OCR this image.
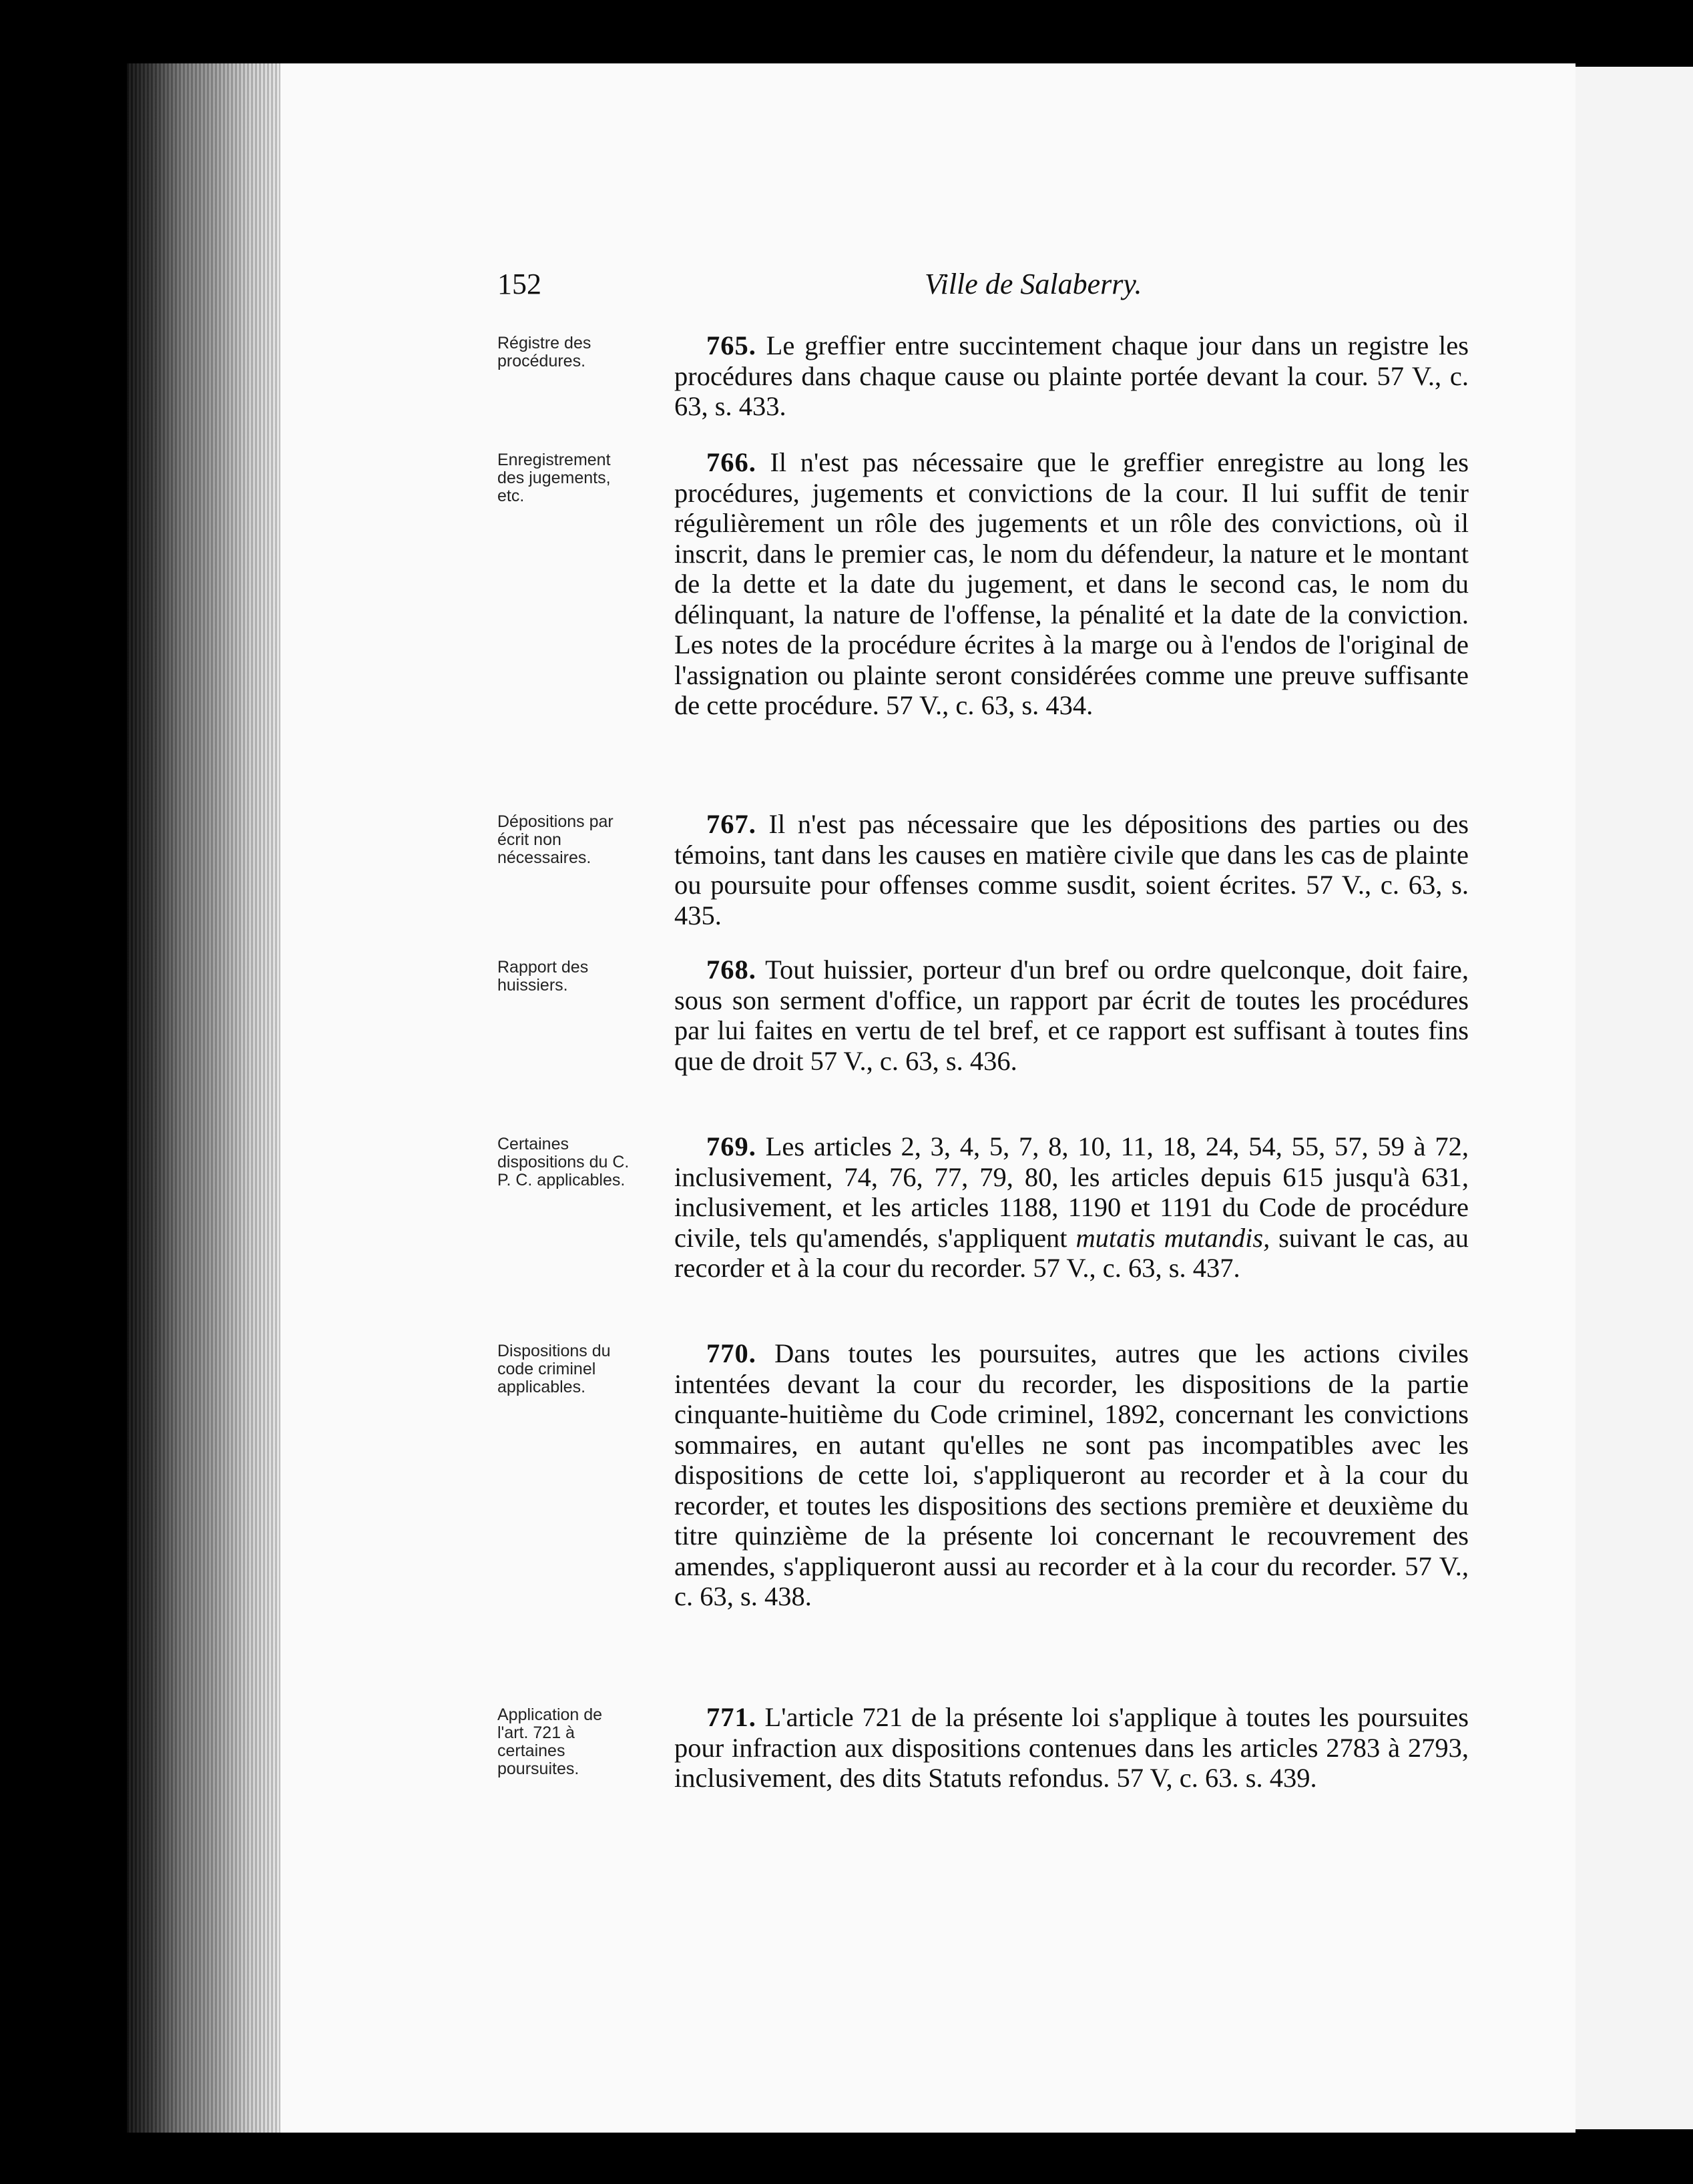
152	Ville de Salaberry.
Régistre des procédures.

765. Le greffier entre succintement chaque jour dans un registre les procédures dans chaque cause ou plainte portée devant la cour. 57 V., c. 63, s. 433.

Enregistrement des jugements, etc.

766. Il n'est pas nécessaire que le greffier enregistre au long les procédures, jugements et convictions de la cour. Il lui suffit de tenir régulièrement un rôle des jugements et un rôle des convictions, où il inscrit, dans le premier cas, le nom du défendeur, la nature et le montant de la dette et la date du jugement, et dans le second cas, le nom du délinquant, la nature de l'offense, la pénalité et la date de la conviction. Les notes de la procédure écrites à la marge ou à l'endos de l'original de l'assignation ou plainte seront considérées comme une preuve suffisante de cette procédure. 57 V., c. 63, s. 434.

Dépositions par écrit non nécessaires.

767. Il n'est pas nécessaire que les dépositions des parties ou des témoins, tant dans les causes en matière civile que dans les cas de plainte ou poursuite pour offenses comme susdit, soient écrites. 57 V., c. 63, s. 435.

Rapport des huissiers.

768. Tout huissier, porteur d'un bref ou ordre quelconque, doit faire, sous son serment d'office, un rapport par écrit de toutes les procédures par lui faites en vertu de tel bref, et ce rapport est suffisant à toutes fins que de droit 57 V., c. 63, s. 436.

Certaines dispositions du C. P. C. applicables.

769. Les articles 2, 3, 4, 5, 7, 8, 10, 11, 18, 24, 54, 55, 57, 59 à 72, inclusivement, 74, 76, 77, 79, 80, les articles depuis 615 jusqu'à 631, inclusivement, et les articles 1188, 1190 et 1191 du Code de procédure civile, tels qu'amendés, s'appliquent mutatis mutandis, suivant le cas, au recorder et à la cour du recorder. 57 V., c. 63, s. 437.

Dispositions du code criminel applicables.

770. Dans toutes les poursuites, autres que les actions civiles intentées devant la cour du recorder, les dispositions de la partie cinquante-huitième du Code criminel, 1892, concernant les convictions sommaires, en autant qu'elles ne sont pas incompatibles avec les dispositions de cette loi, s'appliqueront au recorder et à la cour du recorder, et toutes les dispositions des sections première et deuxième du titre quinzième de la présente loi concernant le recouvrement des amendes, s'appliqueront aussi au recorder et à la cour du recorder. 57 V., c. 63, s. 438.

Application de l'art. 721 à certaines poursuites.

771. L'article 721 de la présente loi s'applique à toutes les poursuites pour infraction aux dispositions contenues dans les articles 2783 à 2793, inclusivement, des dits Statuts refondus. 57 V, c. 63. s. 439.
